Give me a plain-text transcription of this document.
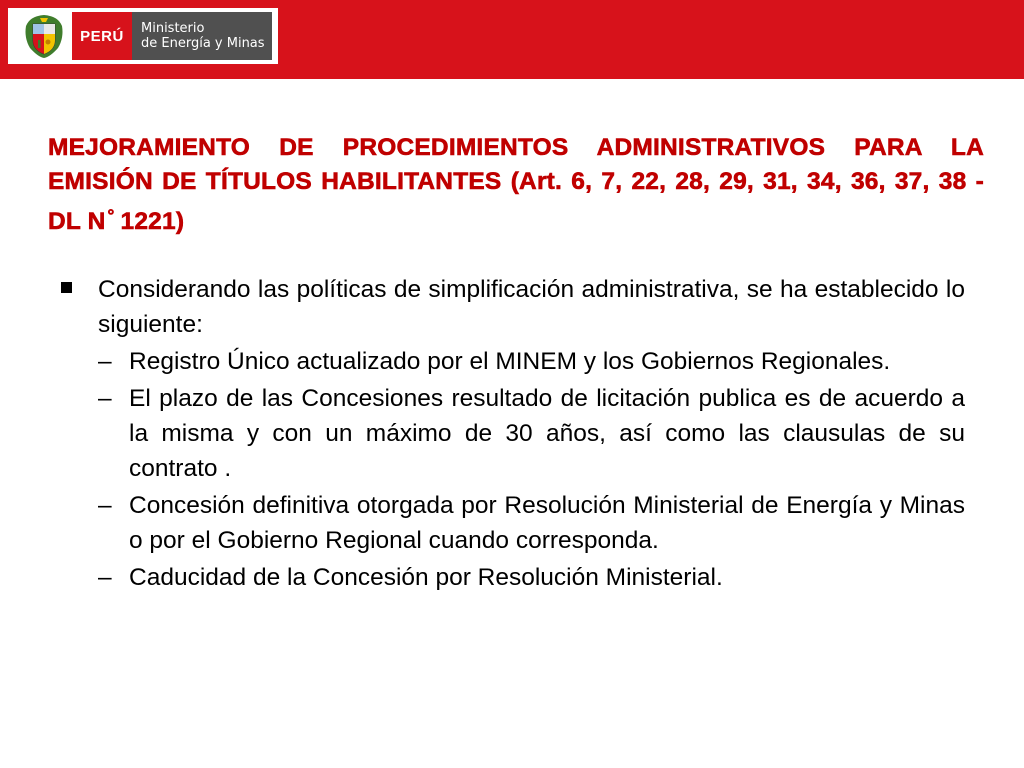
PERÚ	Ministerio
de Energía y Minas
MEJORAMIENTO DE PROCEDIMIENTOS ADMINISTRATIVOS PARA LA EMISIÓN DE TÍTULOS HABILITANTES (Art. 6, 7, 22, 28, 29, 31, 34, 36, 37, 38 - DL N ° 1221)
Considerando las políticas de simplificación administrativa, se ha establecido lo siguiente:
– Registro Único actualizado por el MINEM y los Gobiernos Regionales.
– El plazo de las Concesiones resultado de licitación publica es de acuerdo a la misma y con un máximo de 30 años, así como las clausulas de su contrato .
– Concesión definitiva otorgada por Resolución Ministerial de Energía y Minas o por el Gobierno Regional cuando corresponda.
– Caducidad de la Concesión por Resolución Ministerial.
